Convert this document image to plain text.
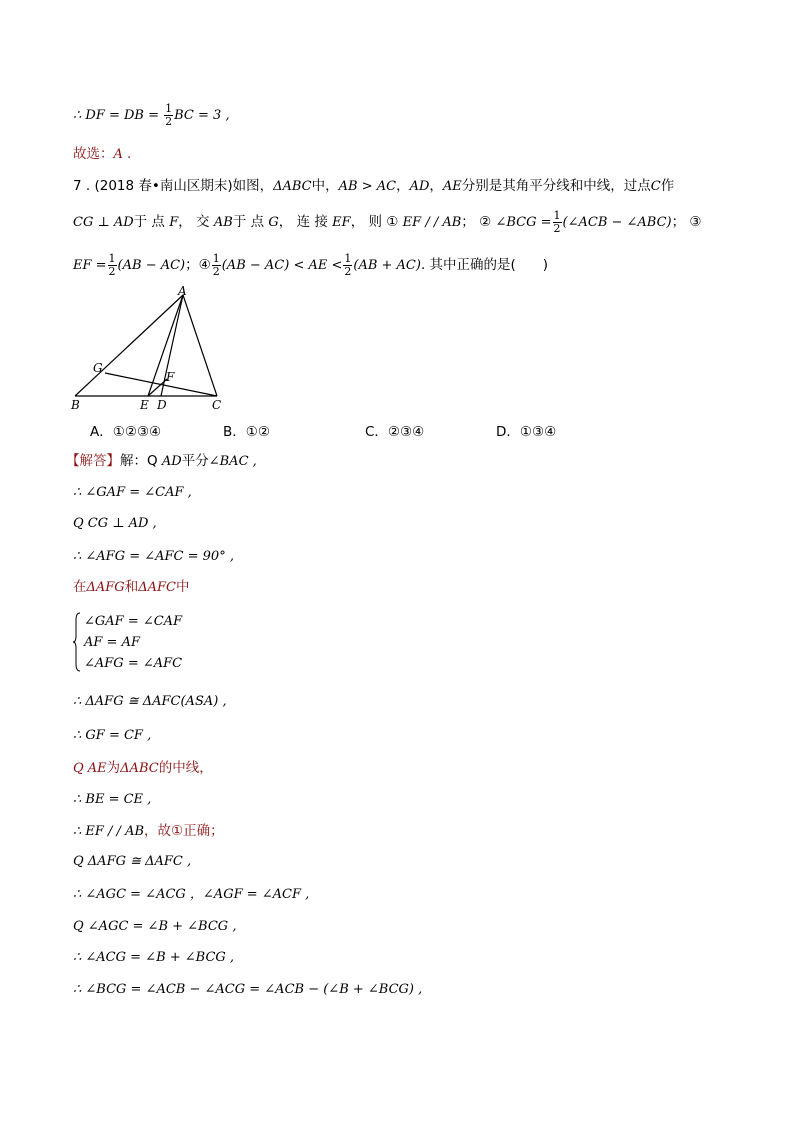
∴ DF = DB = $\frac{1}{2}$ BC = 3 ,
故选：A .
7 . (2018 春•南山区期末)如图，ΔABC中，AB > AC，AD，AE分别是其角平分线和中线，过点C作
CG ⊥ AD于 点 F， 交 AB于 点 G， 连 接 EF， 则 ① EF / / AB； ② ∠BCG = $\frac{1}{2}$ (∠ACB − ∠ABC)； ③
EF = $\frac{1}{2} (AB - AC)$；④ $\frac{1}{2} (AB - AC)$ < AE < $\frac{1}{2} (AB + AC)$. 其中正确的是(　　)
A
G
F
B	E D	C
A．①②③④	B．①②	C．②③④	D．①③④
【解答】解：Q AD平分∠BAC ,
∴ ∠GAF = ∠CAF ,
Q CG ⊥ AD ,
∴ ∠AFG = ∠AFC = 90° ,
在ΔAFG和ΔAFC中
∠GAF = ∠CAF
AF = AF
∠AFG = ∠AFC
∴ ΔAFG ≅ ΔAFC(ASA) ,
∴ GF = CF ,
Q AE为ΔABC的中线，
∴ BE = CE ,
∴ EF / / AB，故①正确；
Q ΔAFG ≅ ΔAFC ,
∴ ∠AGC = ∠ACG ，∠AGF = ∠ACF ,
Q ∠AGC = ∠B + ∠BCG ,
∴ ∠ACG = ∠B + ∠BCG ,
∴ ∠BCG = ∠ACB − ∠ACG = ∠ACB − (∠B + ∠BCG) ,
